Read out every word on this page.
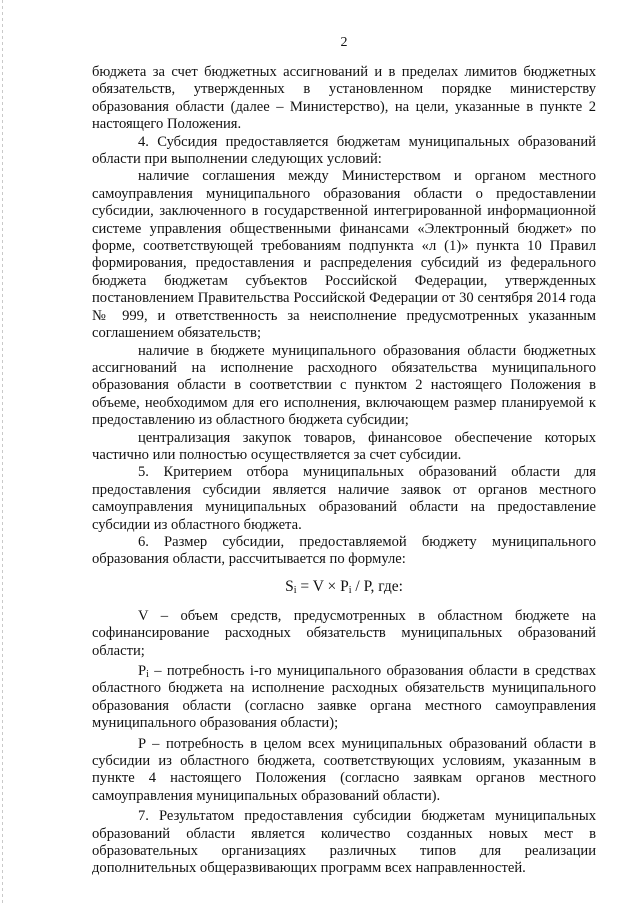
2

бюджета за счет бюджетных ассигнований и в пределах лимитов бюджетных обязательств, утвержденных в установленном порядке министерству образования области (далее – Министерство), на цели, указанные в пункте 2 настоящего Положения.

4. Субсидия предоставляется бюджетам муниципальных образований области при выполнении следующих условий:

наличие соглашения между Министерством и органом местного самоуправления муниципального образования области о предоставлении субсидии, заключенного в государственной интегрированной информационной системе управления общественными финансами «Электронный бюджет» по форме, соответствующей требованиям подпункта «л (1)» пункта 10 Правил формирования, предоставления и распределения субсидий из федерального бюджета бюджетам субъектов Российской Федерации, утвержденных постановлением Правительства Российской Федерации от 30 сентября 2014 года № 999, и ответственность за неисполнение предусмотренных указанным соглашением обязательств;

наличие в бюджете муниципального образования области бюджетных ассигнований на исполнение расходного обязательства муниципального образования области в соответствии с пунктом 2 настоящего Положения в объеме, необходимом для его исполнения, включающем размер планируемой к предоставлению из областного бюджета субсидии;

централизация закупок товаров, финансовое обеспечение которых частично или полностью осуществляется за счет субсидии.

5. Критерием отбора муниципальных образований области для предоставления субсидии является наличие заявок от органов местного самоуправления муниципальных образований области на предоставление субсидии из областного бюджета.

6. Размер субсидии, предоставляемой бюджету муниципального образования области, рассчитывается по формуле:

$S_i = V \times P_i / P$, где:

V – объем средств, предусмотренных в областном бюджете на софинансирование расходных обязательств муниципальных образований области;

$P_i$ – потребность i-го муниципального образования области в средствах областного бюджета на исполнение расходных обязательств муниципального образования области (согласно заявке органа местного самоуправления муниципального образования области);

P – потребность в целом всех муниципальных образований области в субсидии из областного бюджета, соответствующих условиям, указанным в пункте 4 настоящего Положения (согласно заявкам органов местного самоуправления муниципальных образований области).

7. Результатом предоставления субсидии бюджетам муниципальных образований области является количество созданных новых мест в образовательных организациях различных типов для реализации дополнительных общеразвивающих программ всех направленностей.
